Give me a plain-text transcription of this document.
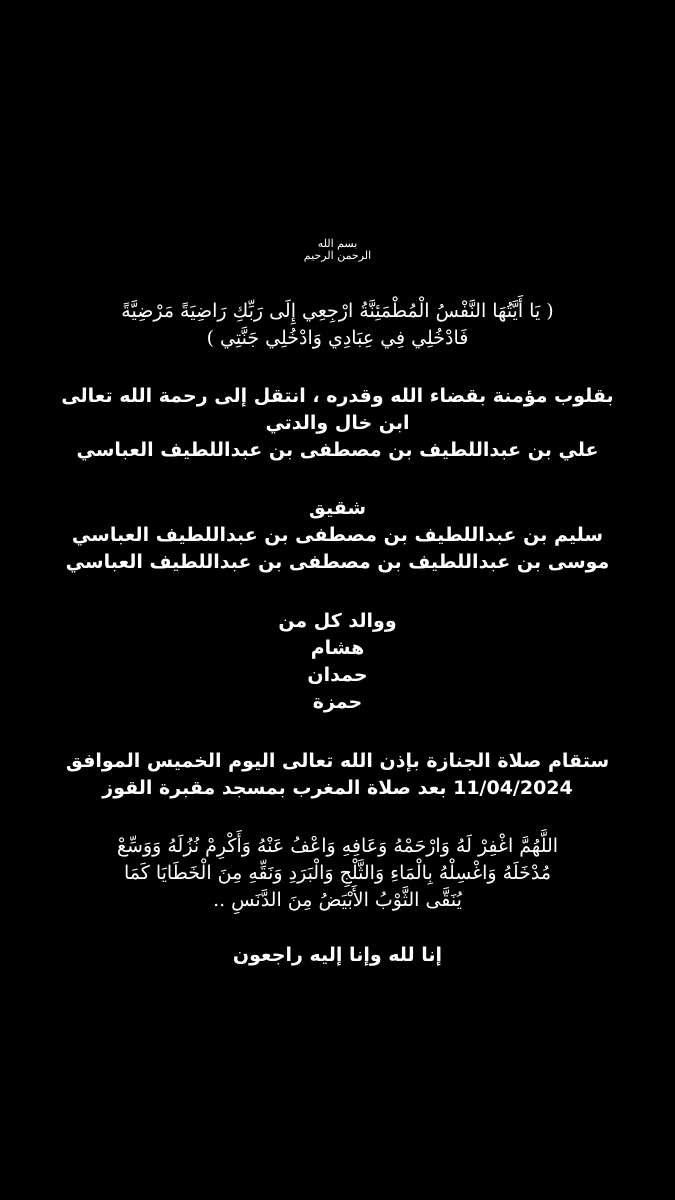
بسم الله
الرحمن الرحيم
( يَا أَيَّتُهَا النَّفْسُ الْمُطْمَئِنَّةُ ارْجِعِي إِلَى رَبِّكِ رَاضِيَةً مَرْضِيَّةً
فَادْخُلِي فِي عِبَادِي وَادْخُلِي جَنَّتِي )
بقلوب مؤمنة بقضاء الله وقدره ، انتقل إلى رحمة الله تعالى
ابن خال والدتي
علي بن عبداللطيف بن مصطفى بن عبداللطيف العباسي
شقيق
سليم بن عبداللطيف بن مصطفى بن عبداللطيف العباسي
موسى بن عبداللطيف بن مصطفى بن عبداللطيف العباسي
ووالد كل من
هشام
حمدان
حمزة
ستقام صلاة الجنازة بإذن الله تعالى اليوم الخميس الموافق
11/04/2024 بعد صلاة المغرب بمسجد مقبرة القوز
اللَّهُمَّ اغْفِرْ لَهُ وَارْحَمْهُ وَعَافِهِ وَاعْفُ عَنْهُ وَأَكْرِمْ نُزُلَهُ وَوَسِّعْ
مُدْخَلَهُ وَاغْسِلْهُ بِالْمَاءِ وَالثَّلْجِ وَالْبَرَدِ وَنَقِّهِ مِنَ الْخَطَايَا كَمَا
يُنَقَّى الثَّوْبُ الأَبْيَضُ مِنَ الدَّنَسِ ..
إنا لله وإنا إليه راجعون
